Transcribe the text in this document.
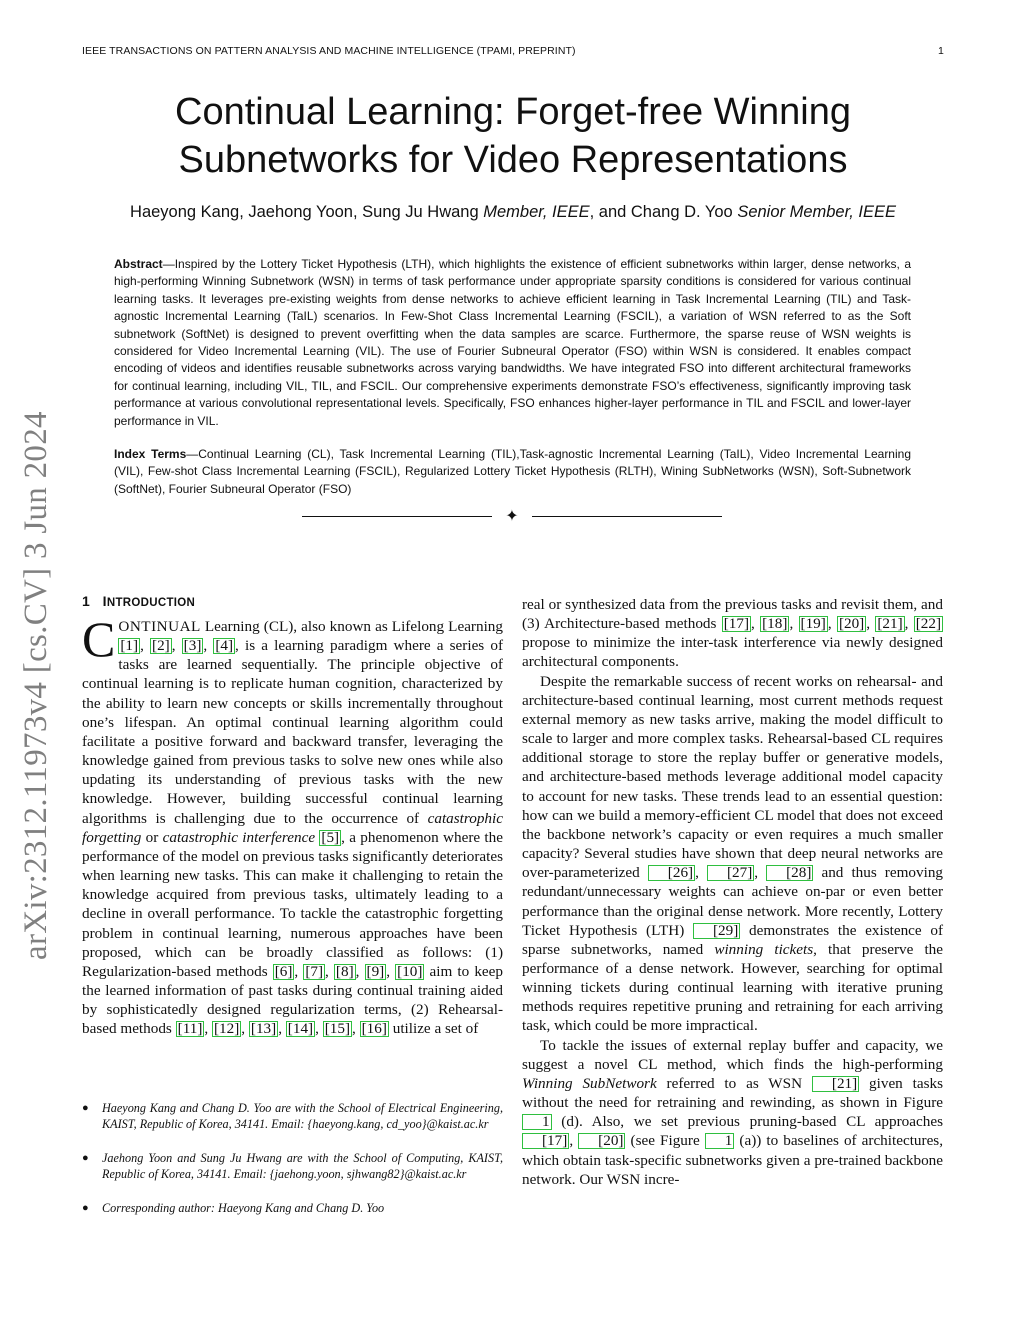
IEEE TRANSACTIONS ON PATTERN ANALYSIS AND MACHINE INTELLIGENCE (TPAMI, PREPRINT)	1
arXiv:2312.11973v4 [cs.CV] 3 Jun 2024
Continual Learning: Forget-free Winning
Subnetworks for Video Representations
Haeyong Kang, Jaehong Yoon, Sung Ju Hwang Member, IEEE, and Chang D. Yoo Senior Member, IEEE

Abstract—Inspired by the Lottery Ticket Hypothesis (LTH), which highlights the existence of efficient subnetworks within larger, dense networks, a high-performing Winning Subnetwork (WSN) in terms of task performance under appropriate sparsity conditions is considered for various continual learning tasks. It leverages pre-existing weights from dense networks to achieve efficient learning in Task Incremental Learning (TIL) and Task-agnostic Incremental Learning (TaIL) scenarios. In Few-Shot Class Incremental Learning (FSCIL), a variation of WSN referred to as the Soft subnetwork (SoftNet) is designed to prevent overfitting when the data samples are scarce. Furthermore, the sparse reuse of WSN weights is considered for Video Incremental Learning (VIL). The use of Fourier Subneural Operator (FSO) within WSN is considered. It enables compact encoding of videos and identifies reusable subnetworks across varying bandwidths. We have integrated FSO into different architectural frameworks for continual learning, including VIL, TIL, and FSCIL. Our comprehensive experiments demonstrate FSO’s effectiveness, significantly improving task performance at various convolutional representational levels. Specifically, FSO enhances higher-layer performance in TIL and FSCIL and lower-layer performance in VIL.

Index Terms—Continual Learning (CL), Task Incremental Learning (TIL),Task-agnostic Incremental Learning (TaIL), Video Incremental Learning (VIL), Few-shot Class Incremental Learning (FSCIL), Regularized Lottery Ticket Hypothesis (RLTH), Wining SubNetworks (WSN), Soft-Subnetwork (SoftNet), Fourier Subneural Operator (FSO)

✦
1 INTRODUCTION

CONTINUAL Learning (CL), also known as Lifelong Learning [1] , [2] , [3] , [4] , is a learning paradigm where a series of tasks are learned sequentially. The principle objective of continual learning is to replicate human cognition, characterized by the ability to learn new concepts or skills incrementally throughout one’s lifespan. An optimal continual learning algorithm could facilitate a positive forward and backward transfer, leveraging the knowledge gained from previous tasks to solve new ones while also updating its understanding of previous tasks with the new knowledge. However, building successful continual learning algorithms is challenging due to the occurrence of catastrophic forgetting or catastrophic interference [5] , a phenomenon where the performance of the model on previous tasks significantly deteriorates when learning new tasks. This can make it challenging to retain the knowledge acquired from previous tasks, ultimately leading to a decline in overall performance. To tackle the catastrophic forgetting problem in continual learning, numerous approaches have been proposed, which can be broadly classified as follows: (1) Regularization-based methods [6] , [7] , [8] , [9] , [10] aim to keep the learned information of past tasks during continual training aided by sophisticatedly designed regularization terms, (2) Rehearsal-based methods [11] , [12] , [13] , [14] , [15] , [16] utilize a set of

● Haeyong Kang and Chang D. Yoo are with the School of Electrical Engineering, KAIST, Republic of Korea, 34141. Email: {haeyong.kang, cd_yoo}@kaist.ac.kr
● Jaehong Yoon and Sung Ju Hwang are with the School of Computing, KAIST, Republic of Korea, 34141. Email: {jaehong.yoon, sjhwang82}@kaist.ac.kr
● Corresponding author: Haeyong Kang and Chang D. Yoo

real or synthesized data from the previous tasks and revisit them, and (3) Architecture-based methods [17] , [18] , [19] , [20] , [21] , [22] propose to minimize the inter-task interference via newly designed architectural components.

Despite the remarkable success of recent works on rehearsal- and architecture-based continual learning, most current methods request external memory as new tasks arrive, making the model difficult to scale to larger and more complex tasks. Rehearsal-based CL requires additional storage to store the replay buffer or generative models, and architecture-based methods leverage additional model capacity to account for new tasks. These trends lead to an essential question: how can we build a memory-efficient CL model that does not exceed the backbone network’s capacity or even requires a much smaller capacity? Several studies have shown that deep neural networks are over-parameterized [26] , [27] , [28] and thus removing redundant/unnecessary weights can achieve on-par or even better performance than the original dense network. More recently, Lottery Ticket Hypothesis (LTH) [29] demonstrates the existence of sparse subnetworks, named winning tickets, that preserve the performance of a dense network. However, searching for optimal winning tickets during continual learning with iterative pruning methods requires repetitive pruning and retraining for each arriving task, which could be more impractical.

To tackle the issues of external replay buffer and capacity, we suggest a novel CL method, which finds the high-performing Winning SubNetwork referred to as WSN [21] given tasks without the need for retraining and rewinding, as shown in Figure 1 (d). Also, we set previous pruning-based CL approaches [17] , [20] (see Figure 1 (a)) to baselines of architectures, which obtain task-specific subnetworks given a pre-trained backbone network. Our WSN incre-
